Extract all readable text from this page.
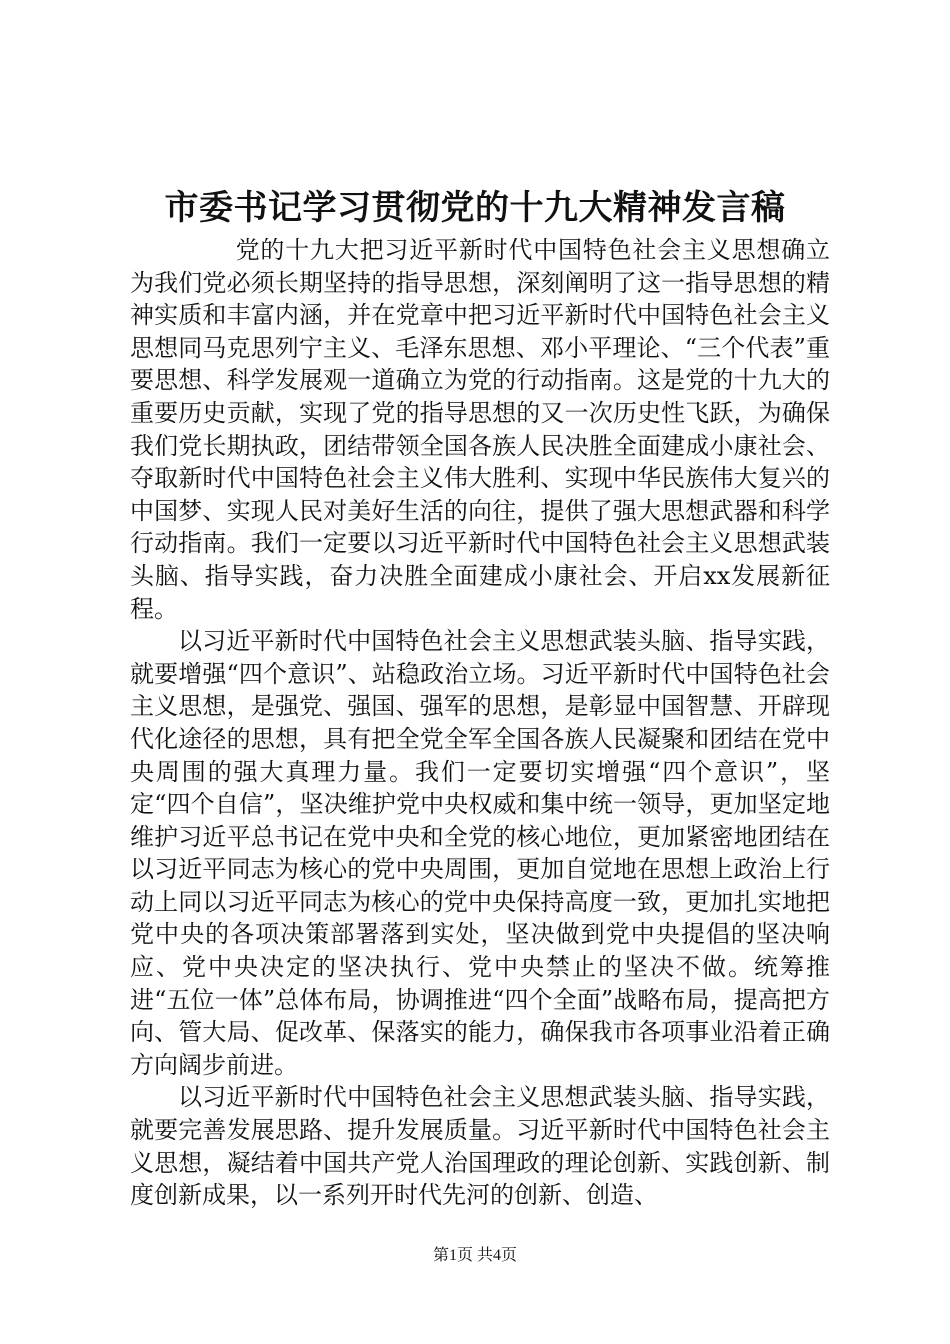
市委书记学习贯彻党的十九大精神发言稿

党的十九大把习近平新时代中国特色社会主义思想确立为我们党必须长期坚持的指导思想，深刻阐明了这一指导思想的精神实质和丰富内涵，并在党章中把习近平新时代中国特色社会主义思想同马克思列宁主义、毛泽东思想、邓小平理论、“三个代表”重要思想、科学发展观一道确立为党的行动指南。这是党的十九大的重要历史贡献，实现了党的指导思想的又一次历史性飞跃，为确保我们党长期执政，团结带领全国各族人民决胜全面建成小康社会、夺取新时代中国特色社会主义伟大胜利、实现中华民族伟大复兴的中国梦、实现人民对美好生活的向往，提供了强大思想武器和科学行动指南。我们一定要以习近平新时代中国特色社会主义思想武装头脑、指导实践，奋力决胜全面建成小康社会、开启xx发展新征程。

以习近平新时代中国特色社会主义思想武装头脑、指导实践，就要增强“四个意识”、站稳政治立场。习近平新时代中国特色社会主义思想，是强党、强国、强军的思想，是彰显中国智慧、开辟现代化途径的思想，具有把全党全军全国各族人民凝聚和团结在党中央周围的强大真理力量。我们一定要切实增强“四个意识”，坚定“四个自信”，坚决维护党中央权威和集中统一领导，更加坚定地维护习近平总书记在党中央和全党的核心地位，更加紧密地团结在以习近平同志为核心的党中央周围，更加自觉地在思想上政治上行动上同以习近平同志为核心的党中央保持高度一致，更加扎实地把党中央的各项决策部署落到实处，坚决做到党中央提倡的坚决响应、党中央决定的坚决执行、党中央禁止的坚决不做。统筹推进“五位一体”总体布局，协调推进“四个全面”战略布局，提高把方向、管大局、促改革、保落实的能力，确保我市各项事业沿着正确方向阔步前进。

以习近平新时代中国特色社会主义思想武装头脑、指导实践，就要完善发展思路、提升发展质量。习近平新时代中国特色社会主义思想，凝结着中国共产党人治国理政的理论创新、实践创新、制度创新成果，以一系列开时代先河的创新、创造、

第1页 共4页
